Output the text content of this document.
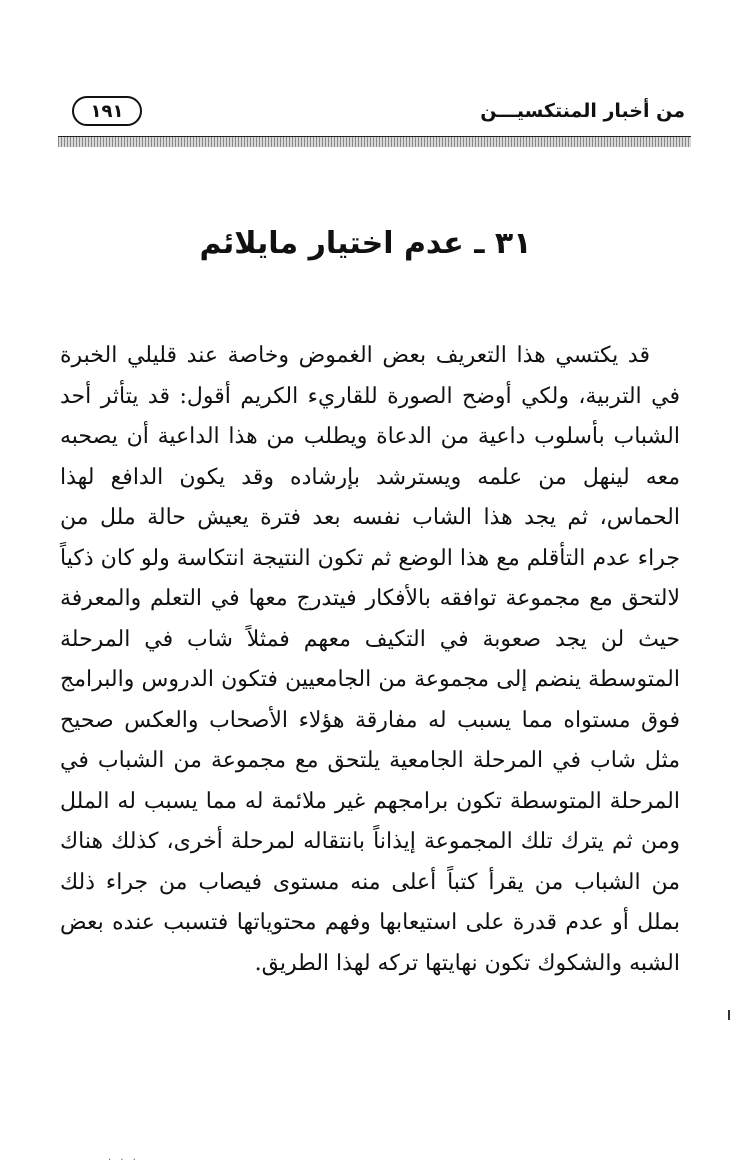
من أخبار المنتكسيـــن
١٩١
٣١ ـ عدم اختيار مايلائم

قد يكتسي هذا التعريف بعض الغموض وخاصة عند قليلي الخبرة في التربية، ولكي أوضح الصورة للقاريء الكريم أقول: قد يتأثر أحد الشباب بأسلوب داعية من الدعاة ويطلب من هذا الداعية أن يصحبه معه لينهل من علمه ويسترشد بإرشاده وقد يكون الدافع لهذا الحماس، ثم يجد هذا الشاب نفسه بعد فترة يعيش حالة ملل من جراء عدم التأقلم مع هذا الوضع ثم تكون النتيجة انتكاسة ولو كان ذكياً لالتحق مع مجموعة توافقه بالأفكار فيتدرج معها في التعلم والمعرفة حيث لن يجد صعوبة في التكيف معهم فمثلاً شاب في المرحلة المتوسطة ينضم إلى مجموعة من الجامعيين فتكون الدروس والبرامج فوق مستواه مما يسبب له مفارقة هؤلاء الأصحاب والعكس صحيح مثل شاب في المرحلة الجامعية يلتحق مع مجموعة من الشباب في المرحلة المتوسطة تكون برامجهم غير ملائمة له مما يسبب له الملل ومن ثم يترك تلك المجموعة إيذاناً بانتقاله لمرحلة أخرى، كذلك هناك من الشباب من يقرأ كتباً أعلى منه مستوى فيصاب من جراء ذلك بملل أو عدم قدرة على استيعابها وفهم محتوياتها فتسبب عنده بعض الشبه والشكوك تكون نهايتها تركه لهذا الطريق.

· · ·
